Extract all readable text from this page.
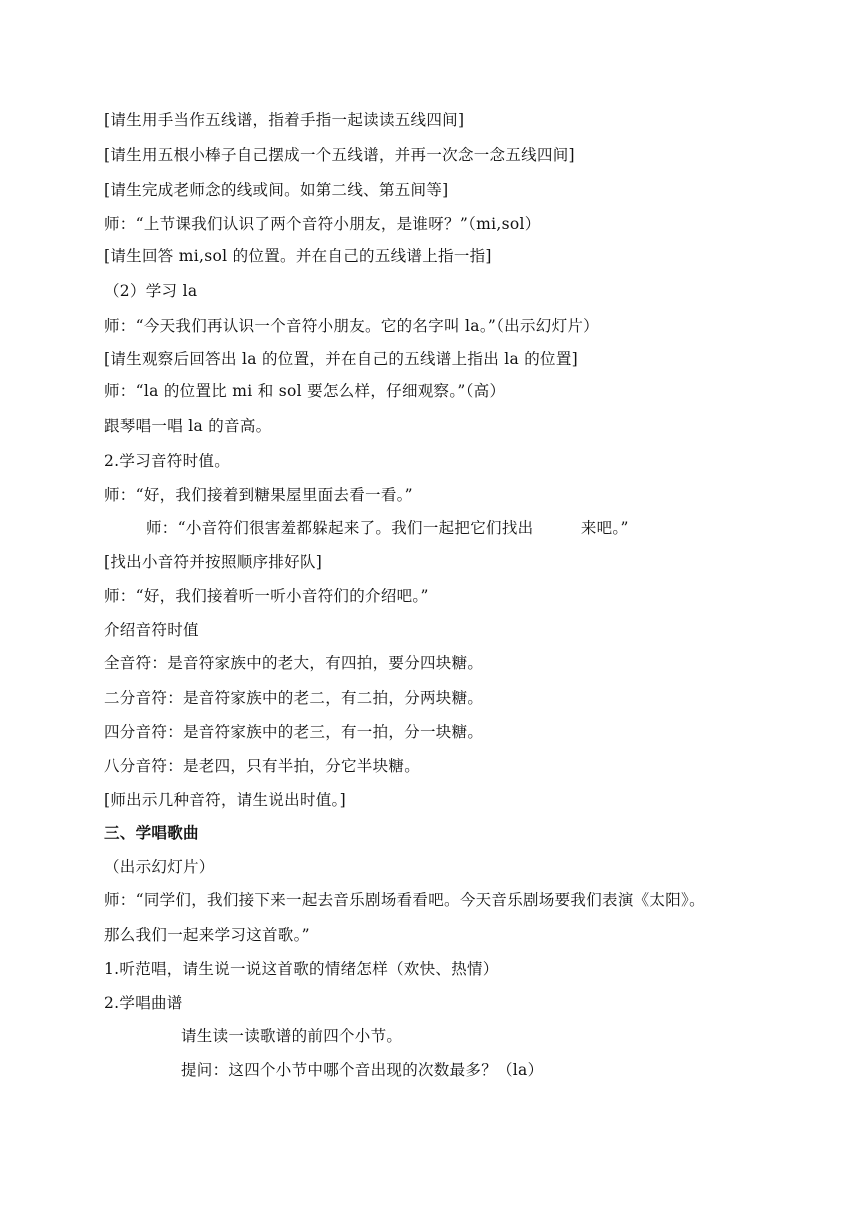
[请生用手当作五线谱，指着手指一起读读五线四间]
[请生用五根小棒子自己摆成一个五线谱，并再一次念一念五线四间]
[请生完成老师念的线或间。如第二线、第五间等]
师：“上节课我们认识了两个音符小朋友，是谁呀？”（mi,sol）
[请生回答 mi,sol 的位置。并在自己的五线谱上指一指]
（2）学习 la
师：“今天我们再认识一个音符小朋友。它的名字叫 la。”（出示幻灯片）
[请生观察后回答出 la 的位置，并在自己的五线谱上指出 la 的位置]
师：“la 的位置比 mi 和 sol 要怎么样，仔细观察。”（高）
跟琴唱一唱 la 的音高。
2.学习音符时值。
师：“好，我们接着到糖果屋里面去看一看。”
师：“小音符们很害羞都躲起来了。我们一起把它们找出　　　来吧。”
[找出小音符并按照顺序排好队]
师：“好，我们接着听一听小音符们的介绍吧。”
介绍音符时值
全音符：是音符家族中的老大，有四拍，要分四块糖。
二分音符：是音符家族中的老二，有二拍，分两块糖。
四分音符：是音符家族中的老三，有一拍，分一块糖。
八分音符：是老四，只有半拍，分它半块糖。
[师出示几种音符，请生说出时值。]
三、学唱歌曲
（出示幻灯片）
师：“同学们，我们接下来一起去音乐剧场看看吧。今天音乐剧场要我们表演《太阳》。
那么我们一起来学习这首歌。”
1.听范唱，请生说一说这首歌的情绪怎样（欢快、热情）
2.学唱曲谱
请生读一读歌谱的前四个小节。
提问：这四个小节中哪个音出现的次数最多？（la）
